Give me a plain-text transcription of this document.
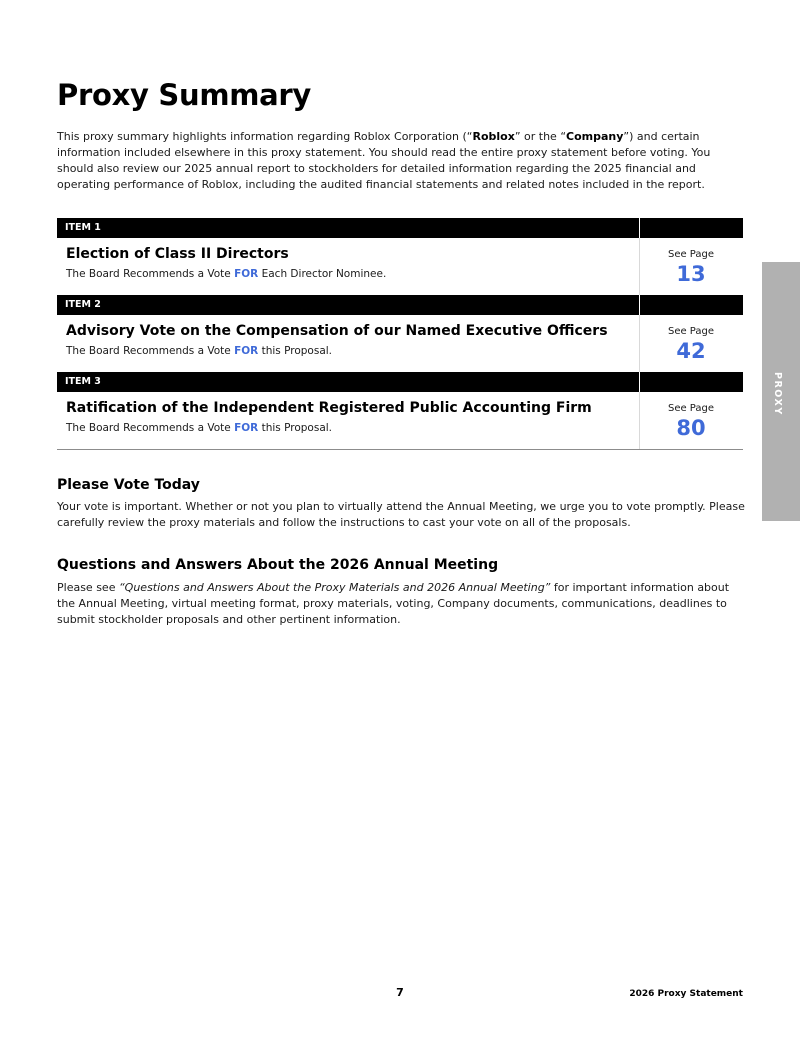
Proxy Summary

This proxy summary highlights information regarding Roblox Corporation (“Roblox” or the “Company”) and certain information included elsewhere in this proxy statement. You should read the entire proxy statement before voting. You should also review our 2025 annual report to stockholders for detailed information regarding the 2025 financial and operating performance of Roblox, including the audited financial statements and related notes included in the report.

ITEM 1
Election of Class II Directors
The Board Recommends a Vote FOR Each Director Nominee.
See Page
13
ITEM 2
Advisory Vote on the Compensation of our Named Executive Officers
The Board Recommends a Vote FOR this Proposal.
See Page
42
ITEM 3
Ratification of the Independent Registered Public Accounting Firm
The Board Recommends a Vote FOR this Proposal.
See Page
80
Please Vote Today

Your vote is important. Whether or not you plan to virtually attend the Annual Meeting, we urge you to vote promptly. Please carefully review the proxy materials and follow the instructions to cast your vote on all of the proposals.

Questions and Answers About the 2026 Annual Meeting

Please see “Questions and Answers About the Proxy Materials and 2026 Annual Meeting” for important information about the Annual Meeting, virtual meeting format, proxy materials, voting, Company documents, communications, deadlines to submit stockholder proposals and other pertinent information.

PROXY
7	2026 Proxy Statement
